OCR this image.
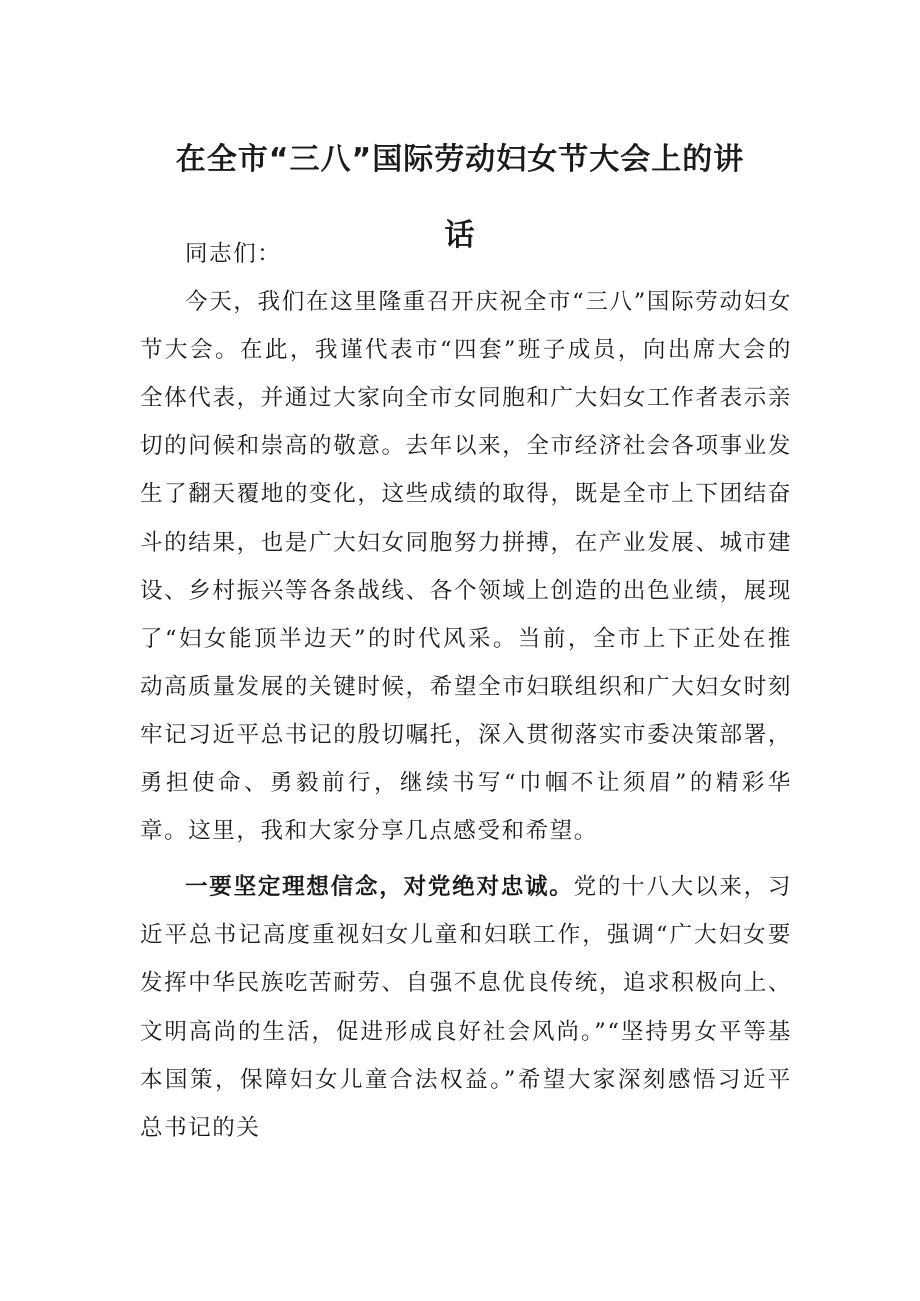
在全市“三八”国际劳动妇女节大会上的讲
话

同志们：

今天，我们在这里隆重召开庆祝全市“三八”国际劳动妇女节大会。在此，我谨代表市“四套”班子成员，向出席大会的全体代表，并通过大家向全市女同胞和广大妇女工作者表示亲切的问候和崇高的敬意。去年以来，全市经济社会各项事业发生了翻天覆地的变化，这些成绩的取得，既是全市上下团结奋斗的结果，也是广大妇女同胞努力拼搏，在产业发展、城市建设、乡村振兴等各条战线、各个领域上创造的出色业绩，展现了“妇女能顶半边天”的时代风采。当前，全市上下正处在推动高质量发展的关键时候，希望全市妇联组织和广大妇女时刻牢记习近平总书记的殷切嘱托，深入贯彻落实市委决策部署，勇担使命、勇毅前行，继续书写“巾帼不让须眉”的精彩华章。这里，我和大家分享几点感受和希望。

一要坚定理想信念，对党绝对忠诚。党的十八大以来，习近平总书记高度重视妇女儿童和妇联工作，强调“广大妇女要发挥中华民族吃苦耐劳、自强不息优良传统，追求积极向上、文明高尚的生活，促进形成良好社会风尚。”“坚持男女平等基本国策，保障妇女儿童合法权益。”希望大家深刻感悟习近平总书记的关
